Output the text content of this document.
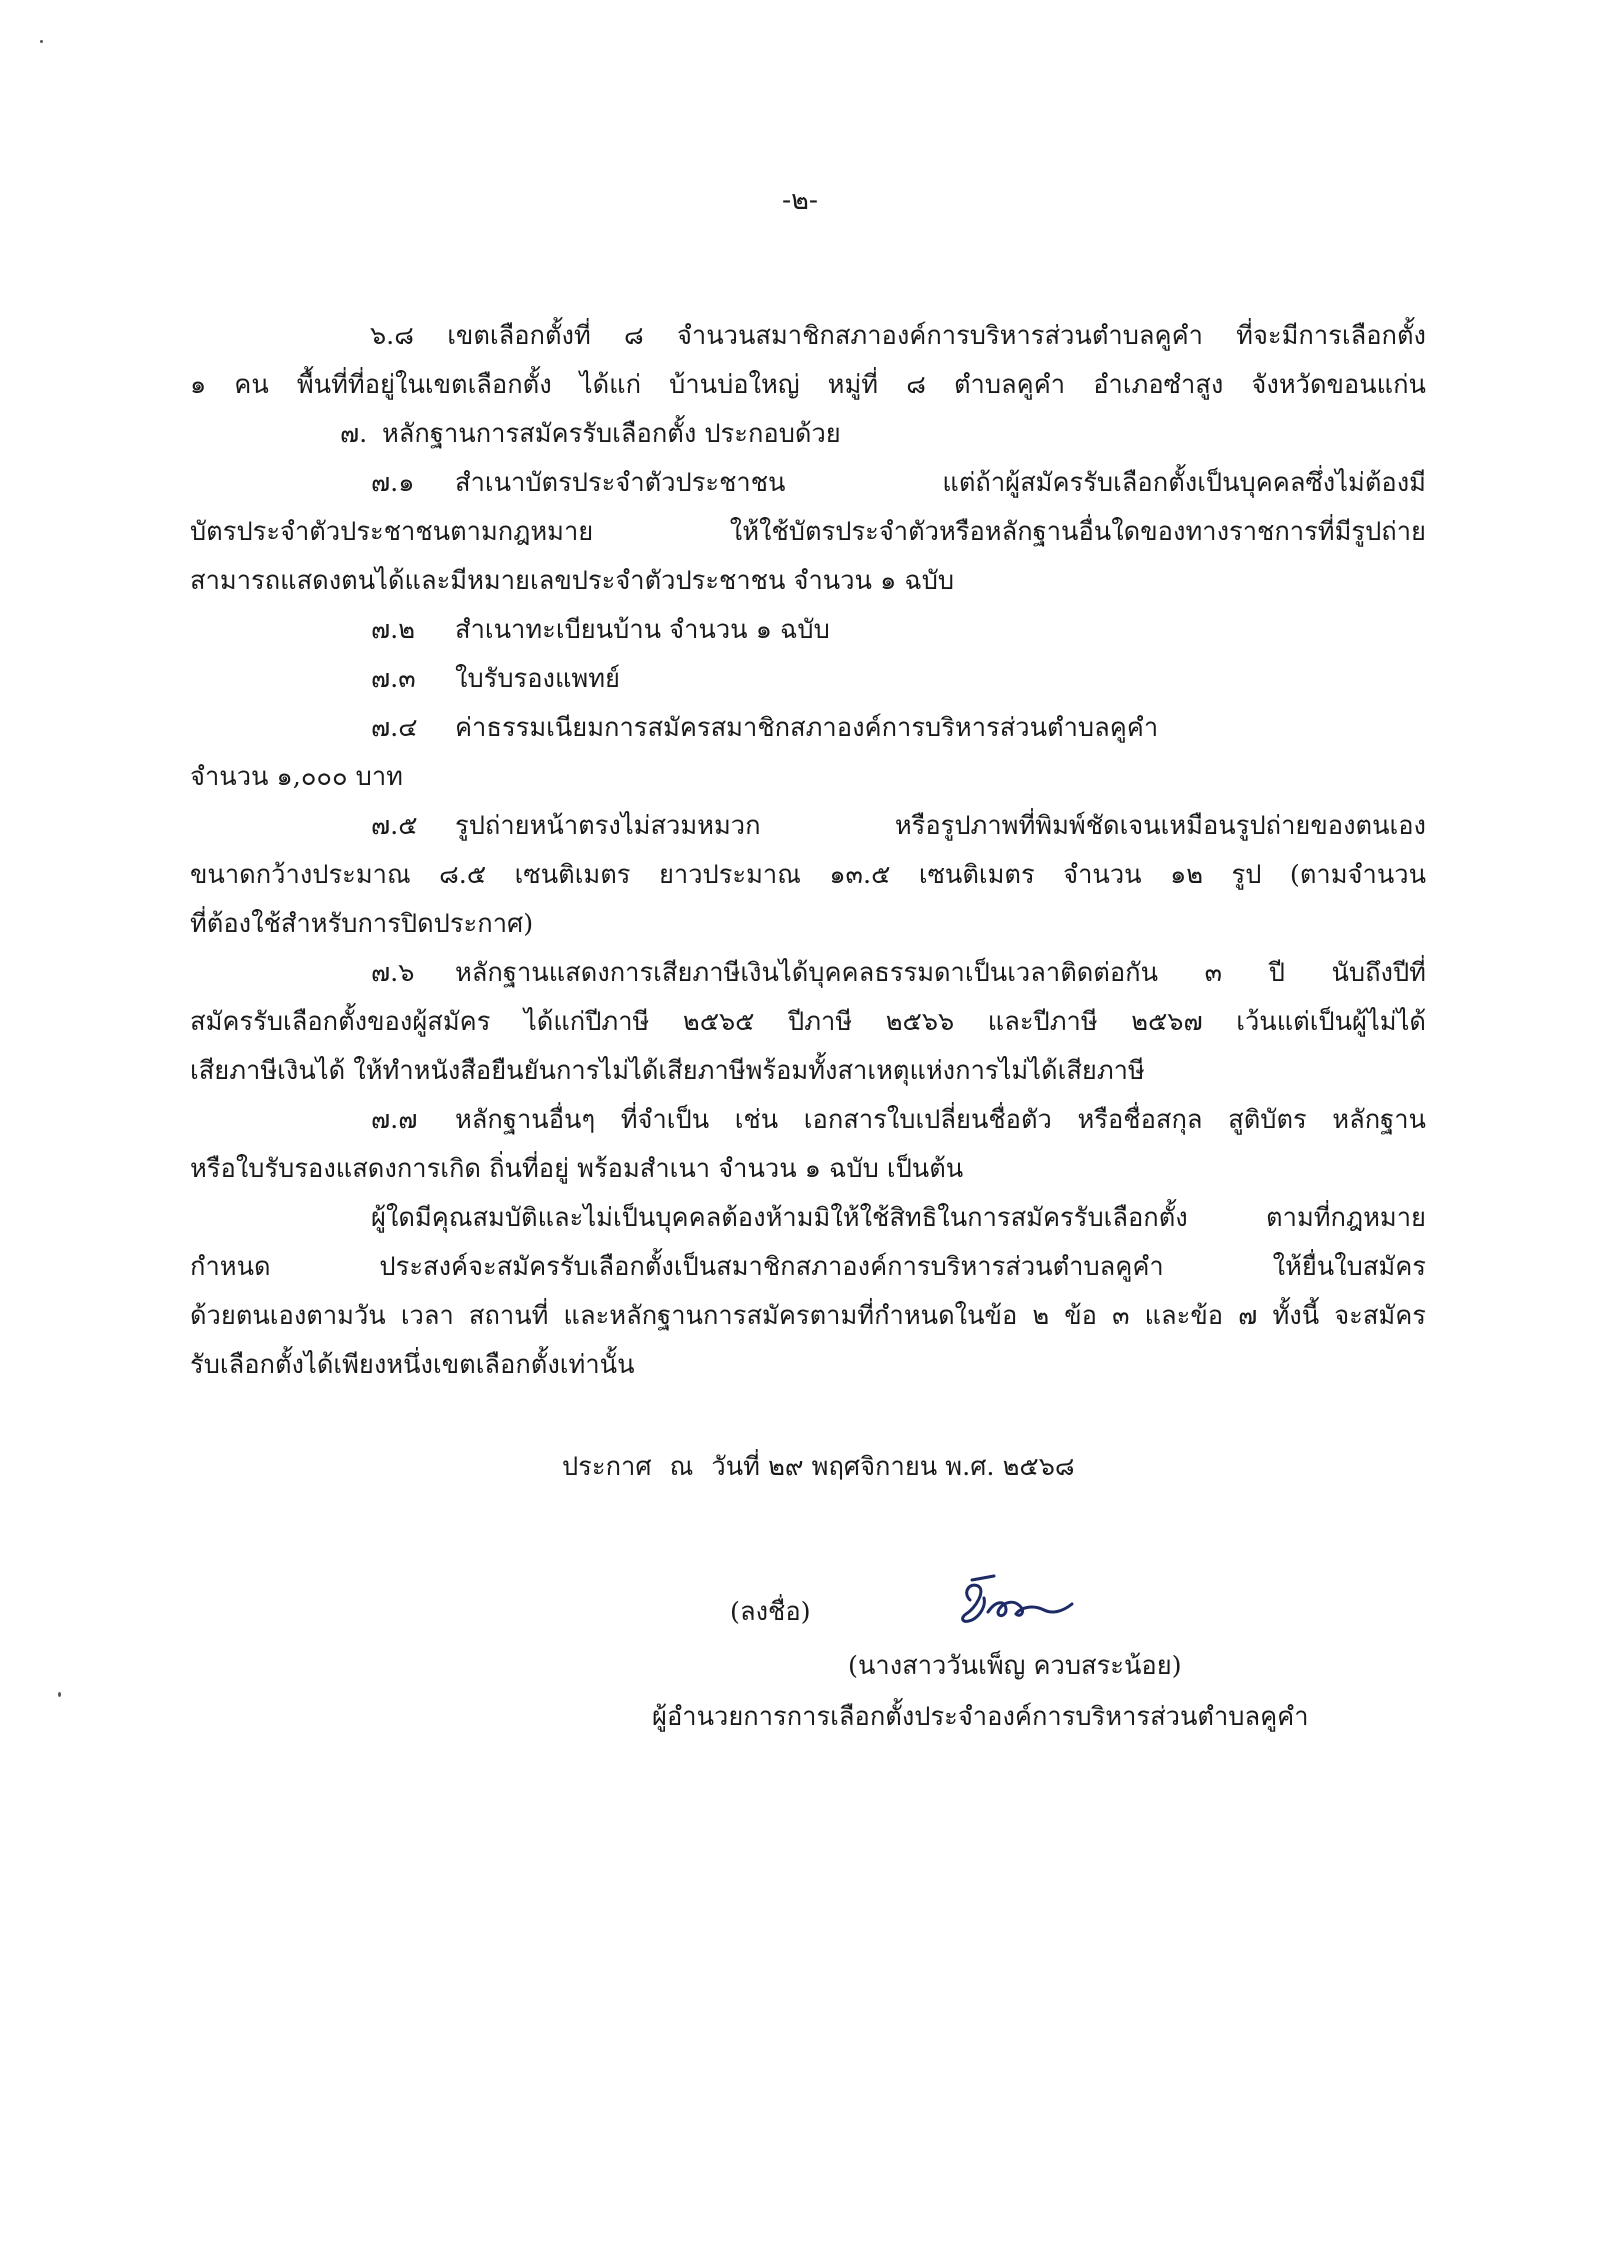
-๒-
๖.๘ เขตเลือกตั้งที่ ๘ จำนวนสมาชิกสภาองค์การบริหารส่วนตำบลคูคำ ที่จะมีการเลือกตั้ง
๑ คน พื้นที่ที่อยู่ในเขตเลือกตั้ง ได้แก่ บ้านบ่อใหญ่ หมู่ที่ ๘ ตำบลคูคำ อำเภอซำสูง จังหวัดขอนแก่น
๗. หลักฐานการสมัครรับเลือกตั้ง ประกอบด้วย
๗.๑ สำเนาบัตรประจำตัวประชาชน แต่ถ้าผู้สมัครรับเลือกตั้งเป็นบุคคลซึ่งไม่ต้องมี
บัตรประจำตัวประชาชนตามกฎหมาย ให้ใช้บัตรประจำตัวหรือหลักฐานอื่นใดของทางราชการที่มีรูปถ่าย
สามารถแสดงตนได้และมีหมายเลขประจำตัวประชาชน จำนวน ๑ ฉบับ
๗.๒ สำเนาทะเบียนบ้าน จำนวน ๑ ฉบับ
๗.๓ ใบรับรองแพทย์
๗.๔ ค่าธรรมเนียมการสมัครสมาชิกสภาองค์การบริหารส่วนตำบลคูคำ
จำนวน ๑,๐๐๐ บาท
๗.๕ รูปถ่ายหน้าตรงไม่สวมหมวก หรือรูปภาพที่พิมพ์ชัดเจนเหมือนรูปถ่ายของตนเอง
ขนาดกว้างประมาณ ๘.๕ เซนติเมตร ยาวประมาณ ๑๓.๕ เซนติเมตร จำนวน ๑๒ รูป (ตามจำนวน
ที่ต้องใช้สำหรับการปิดประกาศ)
๗.๖ หลักฐานแสดงการเสียภาษีเงินได้บุคคลธรรมดาเป็นเวลาติดต่อกัน ๓ ปี นับถึงปีที่
สมัครรับเลือกตั้งของผู้สมัคร ได้แก่ปีภาษี ๒๕๖๕ ปีภาษี ๒๕๖๖ และปีภาษี ๒๕๖๗ เว้นแต่เป็นผู้ไม่ได้
เสียภาษีเงินได้ ให้ทำหนังสือยืนยันการไม่ได้เสียภาษีพร้อมทั้งสาเหตุแห่งการไม่ได้เสียภาษี
๗.๗ หลักฐานอื่นๆ ที่จำเป็น เช่น เอกสารใบเปลี่ยนชื่อตัว หรือชื่อสกุล สูติบัตร หลักฐาน
หรือใบรับรองแสดงการเกิด ถิ่นที่อยู่ พร้อมสำเนา จำนวน ๑ ฉบับ เป็นต้น
ผู้ใดมีคุณสมบัติและไม่เป็นบุคคลต้องห้ามมิให้ใช้สิทธิในการสมัครรับเลือกตั้ง ตามที่กฎหมาย
กำหนด ประสงค์จะสมัครรับเลือกตั้งเป็นสมาชิกสภาองค์การบริหารส่วนตำบลคูคำ ให้ยื่นใบสมัคร
ด้วยตนเองตามวัน เวลา สถานที่ และหลักฐานการสมัครตามที่กำหนดในข้อ ๒ ข้อ ๓ และข้อ ๗ ทั้งนี้ จะสมัคร
รับเลือกตั้งได้เพียงหนึ่งเขตเลือกตั้งเท่านั้น
ประกาศ ณ วันที่ ๒๙ พฤศจิกายน พ.ศ. ๒๕๖๘
(ลงชื่อ)
(นางสาววันเพ็ญ ควบสระน้อย)
ผู้อำนวยการการเลือกตั้งประจำองค์การบริหารส่วนตำบลคูคำ
